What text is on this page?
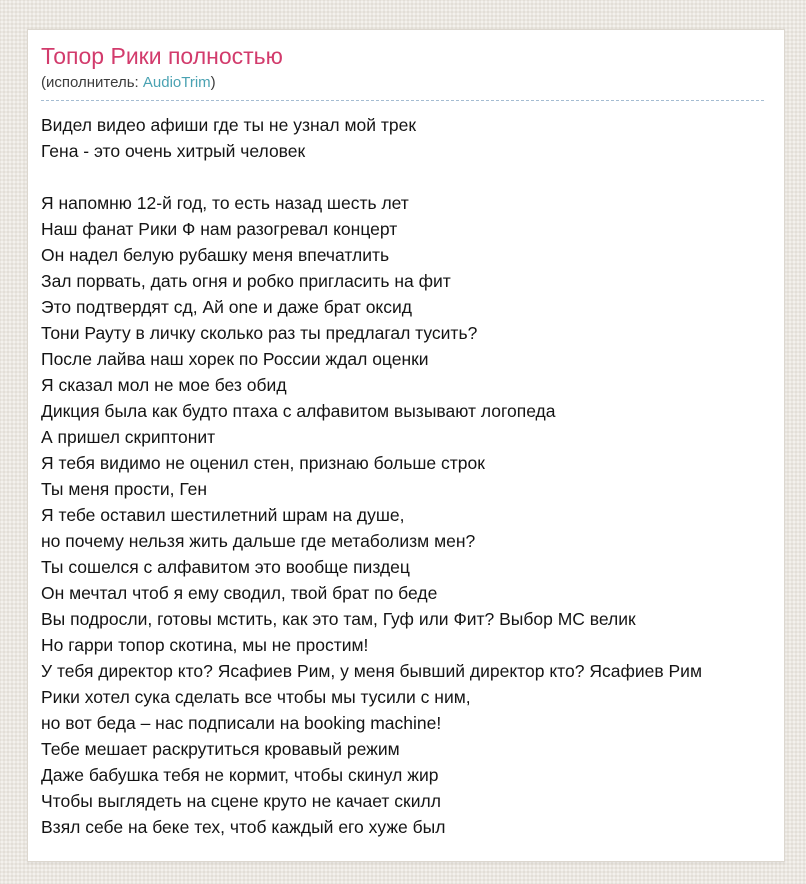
Топор Рики полностью
(исполнитель: AudioTrim)
Видел видео афиши где ты не узнал мой трек
Гена - это очень хитрый человек

Я напомню 12-й год, то есть назад шесть лет
Наш фанат Рики Ф нам разогревал концерт
Он надел белую рубашку меня впечатлить
Зал порвать, дать огня и робко пригласить на фит
Это подтвердят сд, Ай one и даже брат оксид
Тони Рауту в личку сколько раз ты предлагал тусить?
После лайва наш хорек по России ждал оценки
Я сказал мол не мое без обид
Дикция была как будто птаха с алфавитом вызывают логопеда
А пришел скриптонит
Я тебя видимо не оценил стен, признаю больше строк
Ты меня прости, Ген
Я тебе оставил шестилетний шрам на душе,
но почему нельзя жить дальше где метаболизм мен?
Ты сошелся с алфавитом это вообще пиздец
Он мечтал чтоб я ему сводил, твой брат по беде
Вы подросли, готовы мстить, как это там, Гуф или Фит? Выбор МС велик
Но гарри топор скотина, мы не простим!
У тебя директор кто? Ясафиев Рим, у меня бывший директор кто? Ясафиев Рим
Рики хотел сука сделать все чтобы мы тусили с ним,
но вот беда – нас подписали на booking machine!
Тебе мешает раскрутиться кровавый режим
Даже бабушка тебя не кормит, чтобы скинул жир
Чтобы выглядеть на сцене круто не качает скилл
Взял себе на беке тех, чтоб каждый его хуже был
